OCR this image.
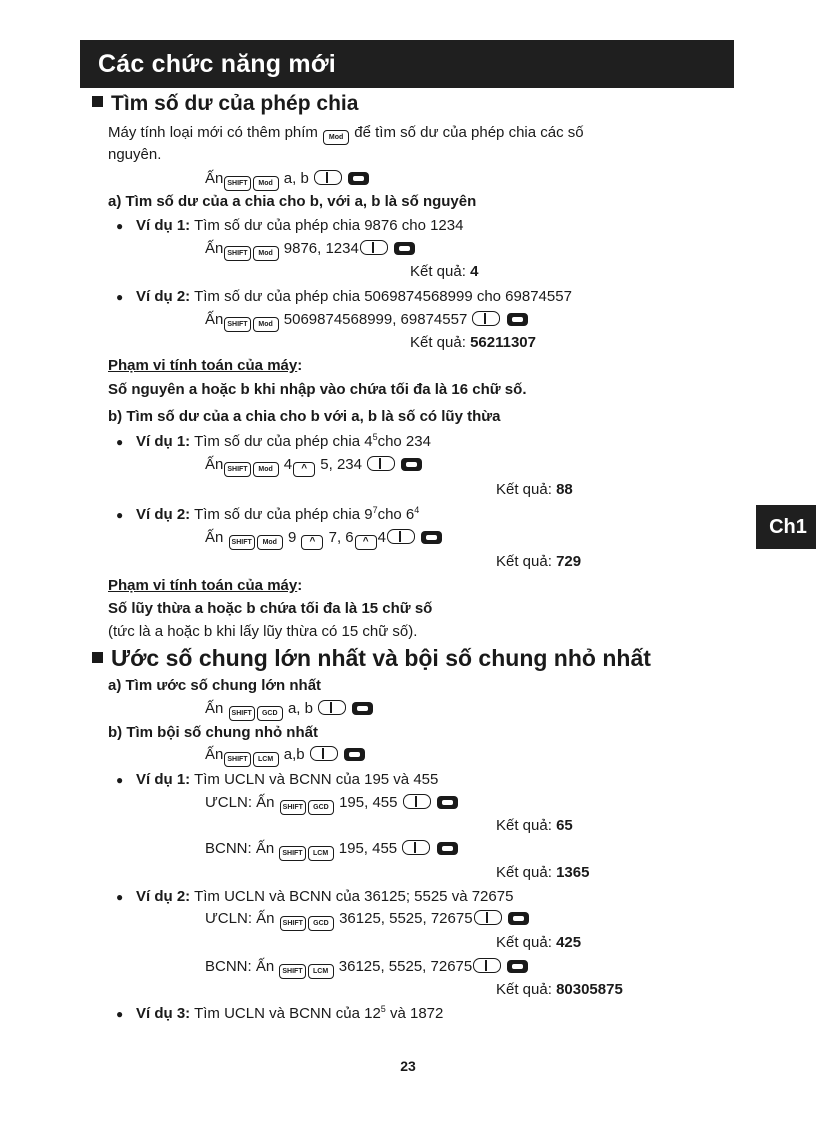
Các chức năng mới
Tìm số dư của phép chia
Máy tính loại mới có thêm phím Mod để tìm số dư của phép chia các số
nguyên.
Ấn SHIFT Mod a, b
a) Tìm số dư của a chia cho b, với a, b là số nguyên
● Ví dụ 1: Tìm số dư của phép chia 9876 cho 1234
Ấn SHIFT Mod 9876, 1234
Kết quả: 4
● Ví dụ 2: Tìm số dư của phép chia 5069874568999 cho 69874557
Ấn SHIFT Mod 5069874568999, 69874557
Kết quả: 56211307
Phạm vi tính toán của máy:
Số nguyên a hoặc b khi nhập vào chứa tối đa là 16 chữ số.
b) Tìm số dư của a chia cho b với a, b là số có lũy thừa
● Ví dụ 1: Tìm số dư của phép chia $4^5cho$ 234
Ấn SHIFT Mod 4 ^ 5, 234
Kết quả: 88
● Ví dụ 2: Tìm số dư của phép chia $9^7cho$ $6^4$
Ấn SHIFT Mod 9 ^ 7, 6 ^ 4
Kết quả: 729
Phạm vi tính toán của máy:
Số lũy thừa a hoặc b chứa tối đa là 15 chữ số
(tức là a hoặc b khi lấy lũy thừa có 15 chữ số).
Ước số chung lớn nhất và bội số chung nhỏ nhất
a) Tìm ước số chung lớn nhất
Ấn SHIFT GCD a, b
b) Tìm bội số chung nhỏ nhất
Ấn SHIFT LCM a,b
● Ví dụ 1: Tìm UCLN và BCNN của 195 và 455
ƯCLN: Ấn SHIFT GCD 195, 455
Kết quả: 65
BCNN: Ấn SHIFT LCM 195, 455
Kết quả: 1365
● Ví dụ 2: Tìm UCLN và BCNN của 36125; 5525 và 72675
ƯCLN: Ấn SHIFT GCD 36125, 5525, 72675
Kết quả: 425
BCNN: Ấn SHIFT LCM 36125, 5525, 72675
Kết quả: 80305875
● Ví dụ 3: Tìm UCLN và BCNN của $12^5$ và 1872
Ch1
23
